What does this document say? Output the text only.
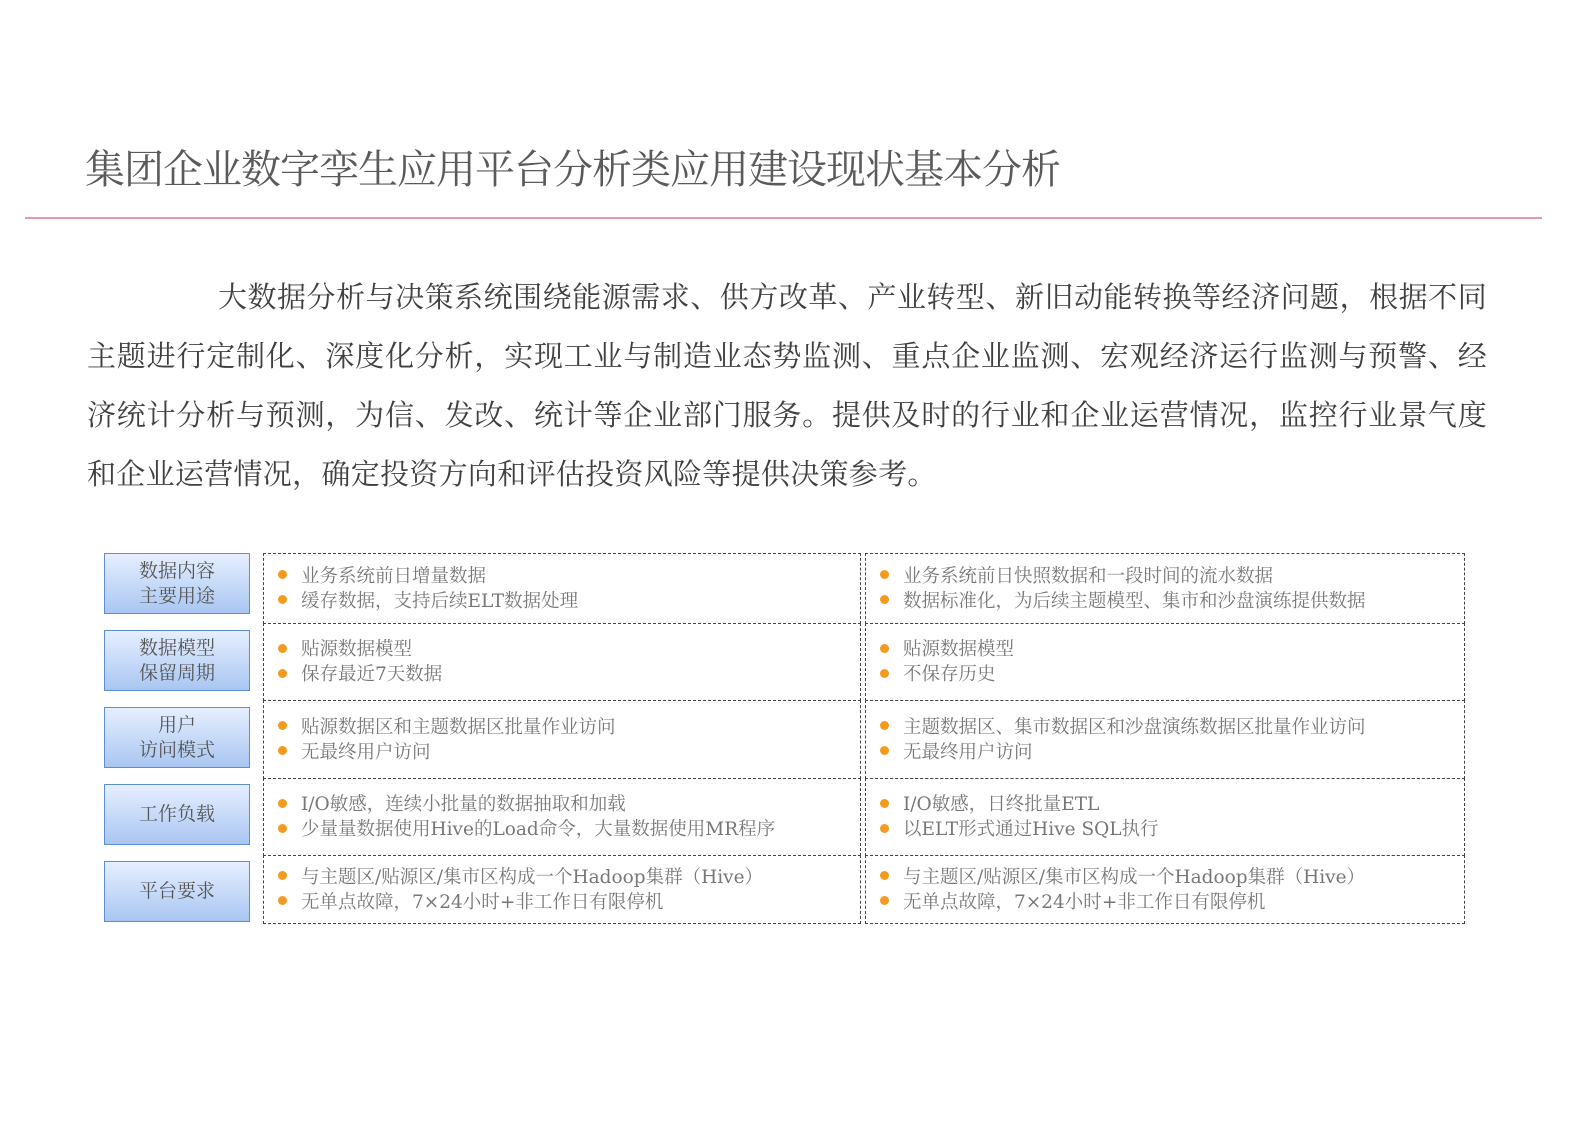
集团企业数字孪生应用平台分析类应用建设现状基本分析
大数据分析与决策系统围绕能源需求、供方改革、产业转型、新旧动能转换等经济问题，根据不同主题进行定制化、深度化分析，实现工业与制造业态势监测、重点企业监测、宏观经济运行监测与预警、经济统计分析与预测，为信、发改、统计等企业部门服务。提供及时的行业和企业运营情况，监控行业景气度和企业运营情况，确定投资方向和评估投资风险等提供决策参考。
数据内容
主要用途
业务系统前日增量数据
缓存数据，支持后续ELT数据处理
业务系统前日快照数据和一段时间的流水数据
数据标准化，为后续主题模型、集市和沙盘演练提供数据
数据模型
保留周期
贴源数据模型
保存最近7天数据
贴源数据模型
不保存历史
用户
访问模式
贴源数据区和主题数据区批量作业访问
无最终用户访问
主题数据区、集市数据区和沙盘演练数据区批量作业访问
无最终用户访问
工作负载	I/O敏感，连续小批量的数据抽取和加载
少量量数据使用Hive的Load命令，大量数据使用MR程序
I/O敏感，日终批量ETL
以ELT形式通过Hive SQL执行
平台要求
与主题区/贴源区/集市区构成一个Hadoop集群（Hive）
无单点故障，7×24小时+非工作日有限停机
与主题区/贴源区/集市区构成一个Hadoop集群（Hive）
无单点故障，7×24小时+非工作日有限停机
